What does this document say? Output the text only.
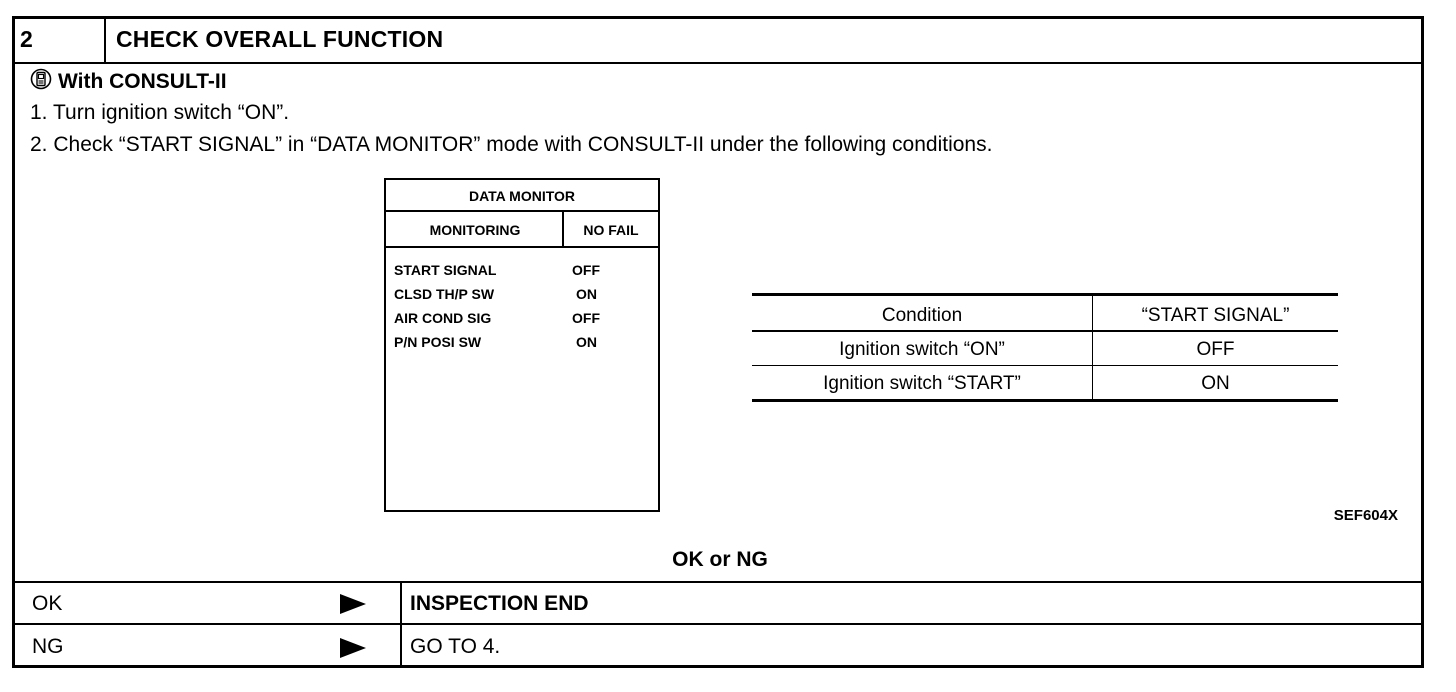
2	CHECK OVERALL FUNCTION
With CONSULT-II
1. Turn ignition switch “ON”.
2. Check “START SIGNAL” in “DATA MONITOR” mode with CONSULT-II under the following conditions.
DATA MONITOR
MONITORING	NO FAIL
START SIGNAL	OFF
CLSD TH/P SW	ON
AIR COND SIG	OFF
P/N POSI SW	ON
Condition	“START SIGNAL”
Ignition switch “ON”	OFF
Ignition switch “START”	ON
SEF604X
OK or NG
OK	INSPECTION END
NG	GO TO 4.
